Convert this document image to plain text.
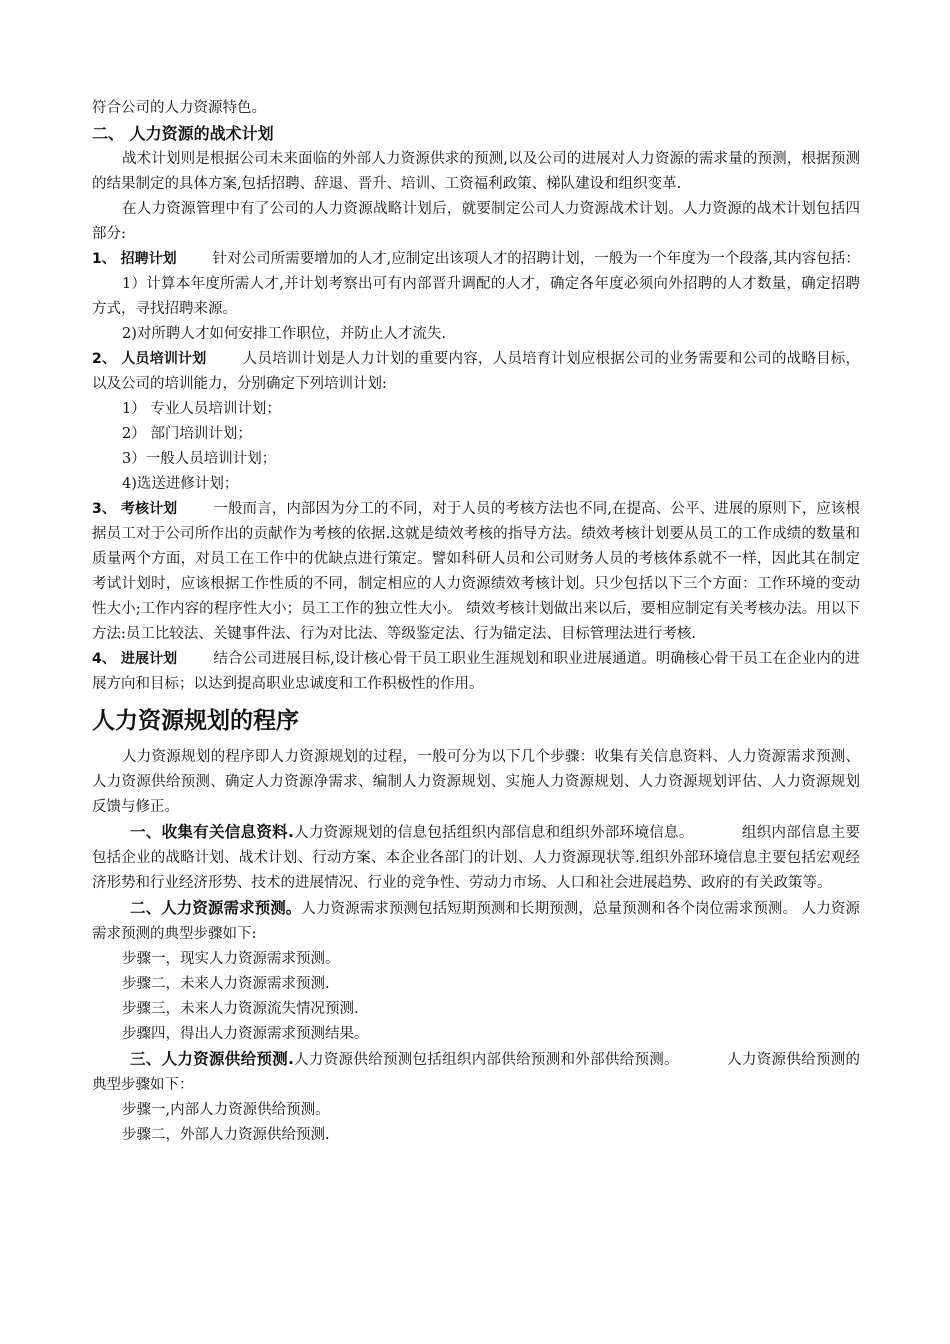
符合公司的人力资源特色。

二、 人力资源的战术计划

战术计划则是根据公司未来面临的外部人力资源供求的预测,以及公司的进展对人力资源的需求量的预测，根据预测的结果制定的具体方案,包括招聘、辞退、晋升、培训、工资福利政策、梯队建设和组织变革.

在人力资源管理中有了公司的人力资源战略计划后，就要制定公司人力资源战术计划。人力资源的战术计划包括四部分:

1、 招聘计划 针对公司所需要增加的人才,应制定出该项人才的招聘计划，一般为一个年度为一个段落,其内容包括：

1）计算本年度所需人才,并计划考察出可有内部晋升调配的人才，确定各年度必须向外招聘的人才数量，确定招聘方式，寻找招聘来源。

2)对所聘人才如何安排工作职位，并防止人才流失.

2、 人员培训计划 人员培训计划是人力计划的重要内容，人员培育计划应根据公司的业务需要和公司的战略目标，以及公司的培训能力，分别确定下列培训计划:

1） 专业人员培训计划；

2） 部门培训计划；

3）一般人员培训计划；

4)选送进修计划；

3、 考核计划 一般而言，内部因为分工的不同，对于人员的考核方法也不同,在提高、公平、进展的原则下，应该根据员工对于公司所作出的贡献作为考核的依据.这就是绩效考核的指导方法。绩效考核计划要从员工的工作成绩的数量和质量两个方面，对员工在工作中的优缺点进行策定。譬如科研人员和公司财务人员的考核体系就不一样，因此其在制定考试计划时，应该根据工作性质的不同，制定相应的人力资源绩效考核计划。只少包括以下三个方面：工作环境的变动性大小;工作内容的程序性大小；员工工作的独立性大小。 绩效考核计划做出来以后，要相应制定有关考核办法。用以下方法:员工比较法、关键事件法、行为对比法、等级鉴定法、行为锚定法、目标管理法进行考核.

4、 进展计划 结合公司进展目标,设计核心骨干员工职业生涯规划和职业进展通道。明确核心骨干员工在企业内的进展方向和目标；以达到提高职业忠诚度和工作积极性的作用。

人力资源规划的程序

人力资源规划的程序即人力资源规划的过程，一般可分为以下几个步骤：收集有关信息资料、人力资源需求预测、人力资源供给预测、确定人力资源净需求、编制人力资源规划、实施人力资源规划、人力资源规划评估、人力资源规划反馈与修正。

一、收集有关信息资料.人力资源规划的信息包括组织内部信息和组织外部环境信息。	组织内部信息主要包括企业的战略计划、战术计划、行动方案、本企业各部门的计划、人力资源现状等.组织外部环境信息主要包括宏观经济形势和行业经济形势、技术的进展情况、行业的竞争性、劳动力市场、人口和社会进展趋势、政府的有关政策等。

二、人力资源需求预测。人力资源需求预测包括短期预测和长期预测，总量预测和各个岗位需求预测。 人力资源需求预测的典型步骤如下:

步骤一，现实人力资源需求预测。

步骤二，未来人力资源需求预测.

步骤三，未来人力资源流失情况预测.

步骤四，得出人力资源需求预测结果。

三、人力资源供给预测.人力资源供给预测包括组织内部供给预测和外部供给预测。	人力资源供给预测的典型步骤如下：

步骤一,内部人力资源供给预测。

步骤二，外部人力资源供给预测.
